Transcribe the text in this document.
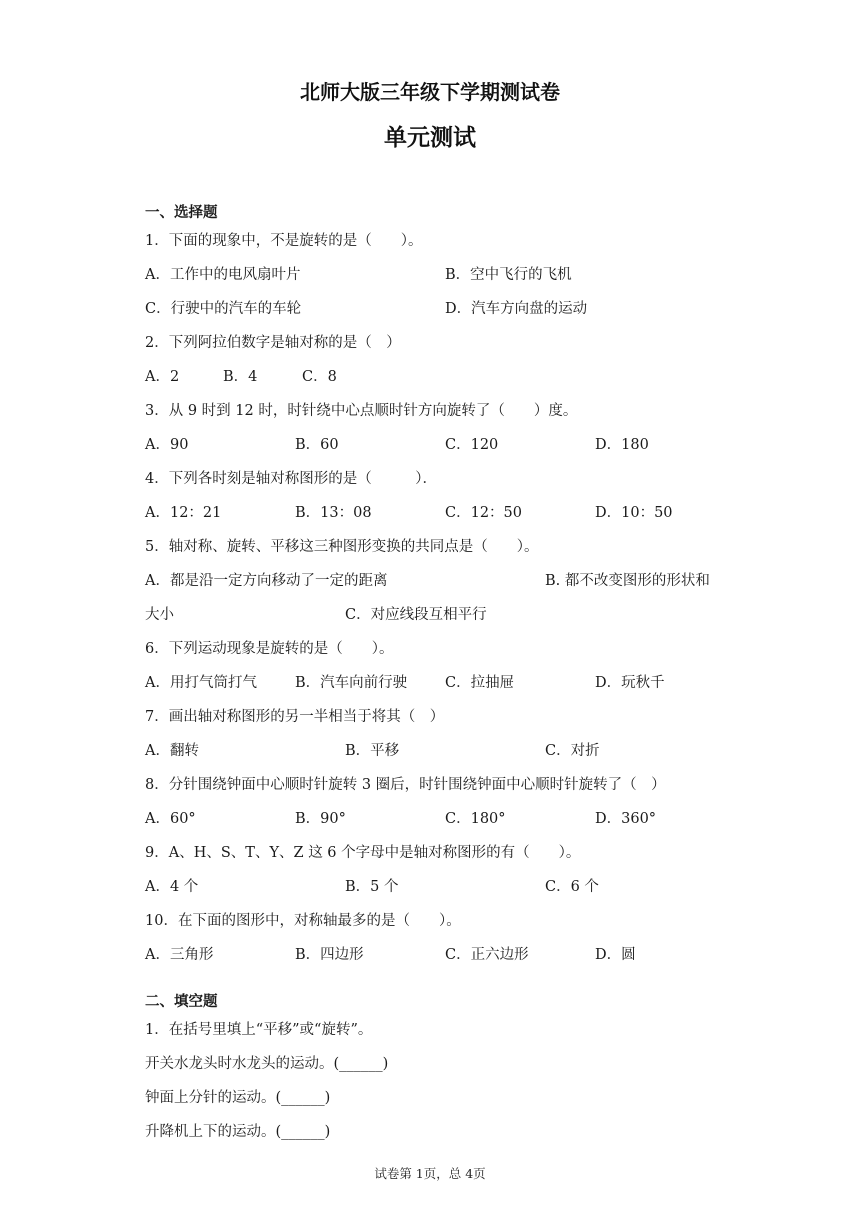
北师大版三年级下学期测试卷
单元测试
一、选择题
1．下面的现象中，不是旋转的是（　　）。
A．工作中的电风扇叶片	B．空中飞行的飞机
C．行驶中的汽车的车轮	D．汽车方向盘的运动
2．下列阿拉伯数字是轴对称的是（　）
A．2	B．4	C．8
3．从 9 时到 12 时，时针绕中心点顺时针方向旋转了（　　）度。
A．90	B．60	C．120	D．180
4．下列各时刻是轴对称图形的是（　　　）．
A．12：21	B．13：08	C．12：50	D．10：50
5．轴对称、旋转、平移这三种图形变换的共同点是（　　）。
A．都是沿一定方向移动了一定的距离	B. 都不改变图形的形状和
大小	C．对应线段互相平行
6．下列运动现象是旋转的是（　　）。
A．用打气筒打气	B．汽车向前行驶	C．拉抽屉	D．玩秋千
7．画出轴对称图形的另一半相当于将其（　）
A．翻转	B．平移	C．对折
8．分针围绕钟面中心顺时针旋转 3 圈后，时针围绕钟面中心顺时针旋转了（　）
A．60°	B．90°	C．180°	D．360°
9．A、H、S、T、Y、Z 这 6 个字母中是轴对称图形的有（　　）。
A．4 个	B．5 个	C．6 个
10．在下面的图形中，对称轴最多的是（　　）。
A．三角形	B．四边形	C．正六边形	D．圆
二、填空题
1．在括号里填上“平移”或“旋转”。
开关水龙头时水龙头的运动。(______)
钟面上分针的运动。(______)
升降机上下的运动。(______)
试卷第 1页，总 4页
